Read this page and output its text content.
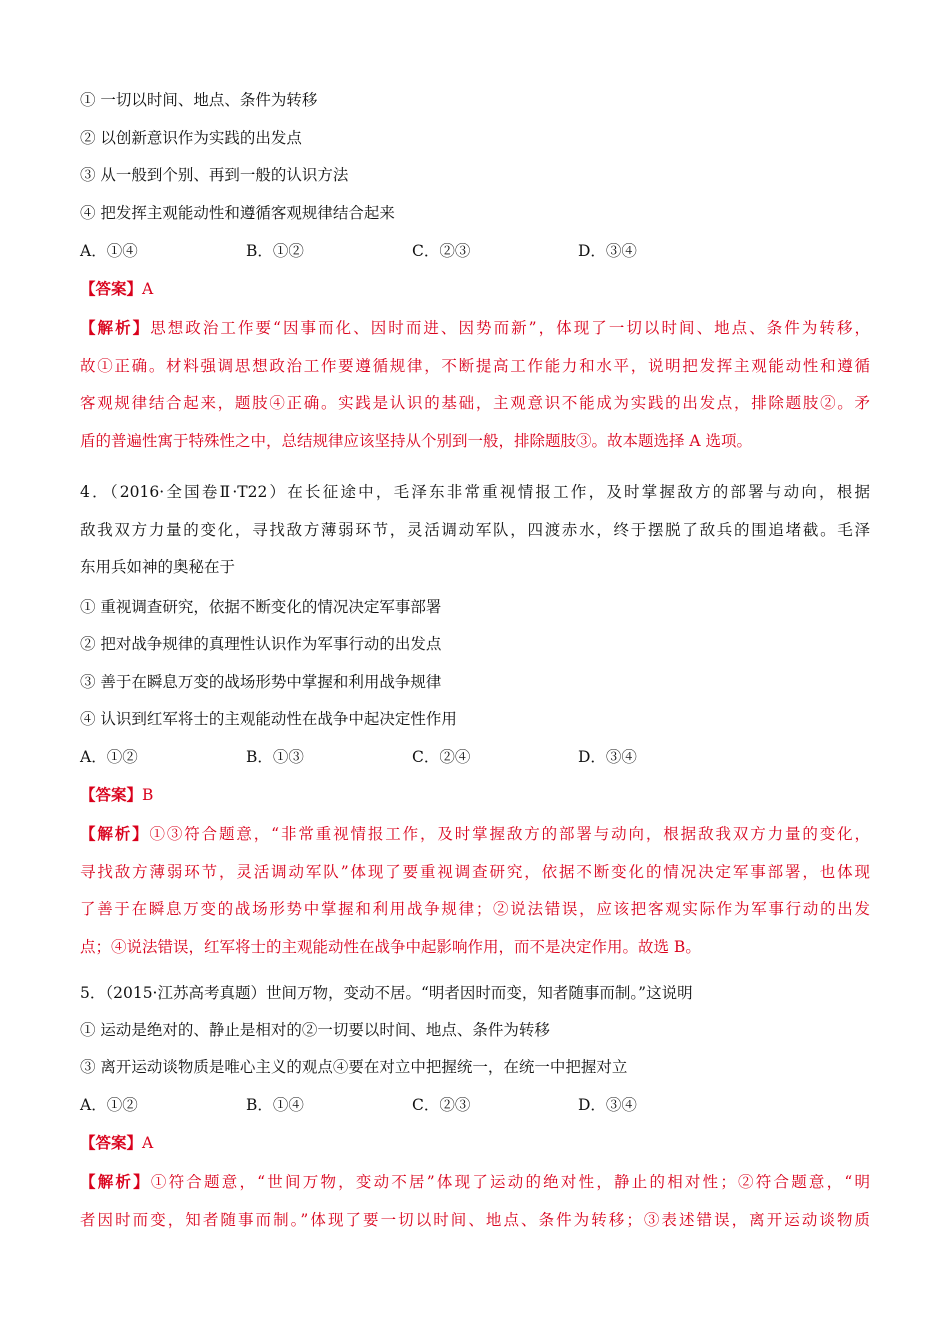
① 一切以时间、地点、条件为转移
② 以创新意识作为实践的出发点
③ 从一般到个别、再到一般的认识方法
④ 把发挥主观能动性和遵循客观规律结合起来
A．①④	B．①②	C．②③	D．③④
【答案】A
【解析】思想政治工作要“因事而化、因时而进、因势而新”，体现了一切以时间、地点、条件为转移，
故①正确。材料强调思想政治工作要遵循规律，不断提高工作能力和水平，说明把发挥主观能动性和遵循
客观规律结合起来，题肢④正确。实践是认识的基础，主观意识不能成为实践的出发点，排除题肢②。矛
盾的普遍性寓于特殊性之中，总结规律应该坚持从个别到一般，排除题肢③。故本题选择 A 选项。
4．（2016·全国卷Ⅱ·T22）在长征途中，毛泽东非常重视情报工作，及时掌握敌方的部署与动向，根据
敌我双方力量的变化，寻找敌方薄弱环节，灵活调动军队，四渡赤水，终于摆脱了敌兵的围追堵截。毛泽
东用兵如神的奥秘在于
① 重视调查研究，依据不断变化的情况决定军事部署
② 把对战争规律的真理性认识作为军事行动的出发点
③ 善于在瞬息万变的战场形势中掌握和利用战争规律
④ 认识到红军将士的主观能动性在战争中起决定性作用
A．①②	B．①③	C．②④	D．③④
【答案】B
【解析】①③符合题意，“非常重视情报工作，及时掌握敌方的部署与动向，根据敌我双方力量的变化，
寻找敌方薄弱环节，灵活调动军队”体现了要重视调查研究，依据不断变化的情况决定军事部署，也体现
了善于在瞬息万变的战场形势中掌握和利用战争规律；②说法错误，应该把客观实际作为军事行动的出发
点；④说法错误，红军将士的主观能动性在战争中起影响作用，而不是决定作用。故选 B。
5．（2015·江苏高考真题）世间万物，变动不居。“明者因时而变，知者随事而制。”这说明
① 运动是绝对的、静止是相对的②一切要以时间、地点、条件为转移
③ 离开运动谈物质是唯心主义的观点④要在对立中把握统一，在统一中把握对立
A．①②	B．①④	C．②③	D．③④
【答案】A
【解析】①符合题意，“世间万物，变动不居”体现了运动的绝对性，静止的相对性；②符合题意，“明
者因时而变，知者随事而制。”体现了要一切以时间、地点、条件为转移；③表述错误，离开运动谈物质
